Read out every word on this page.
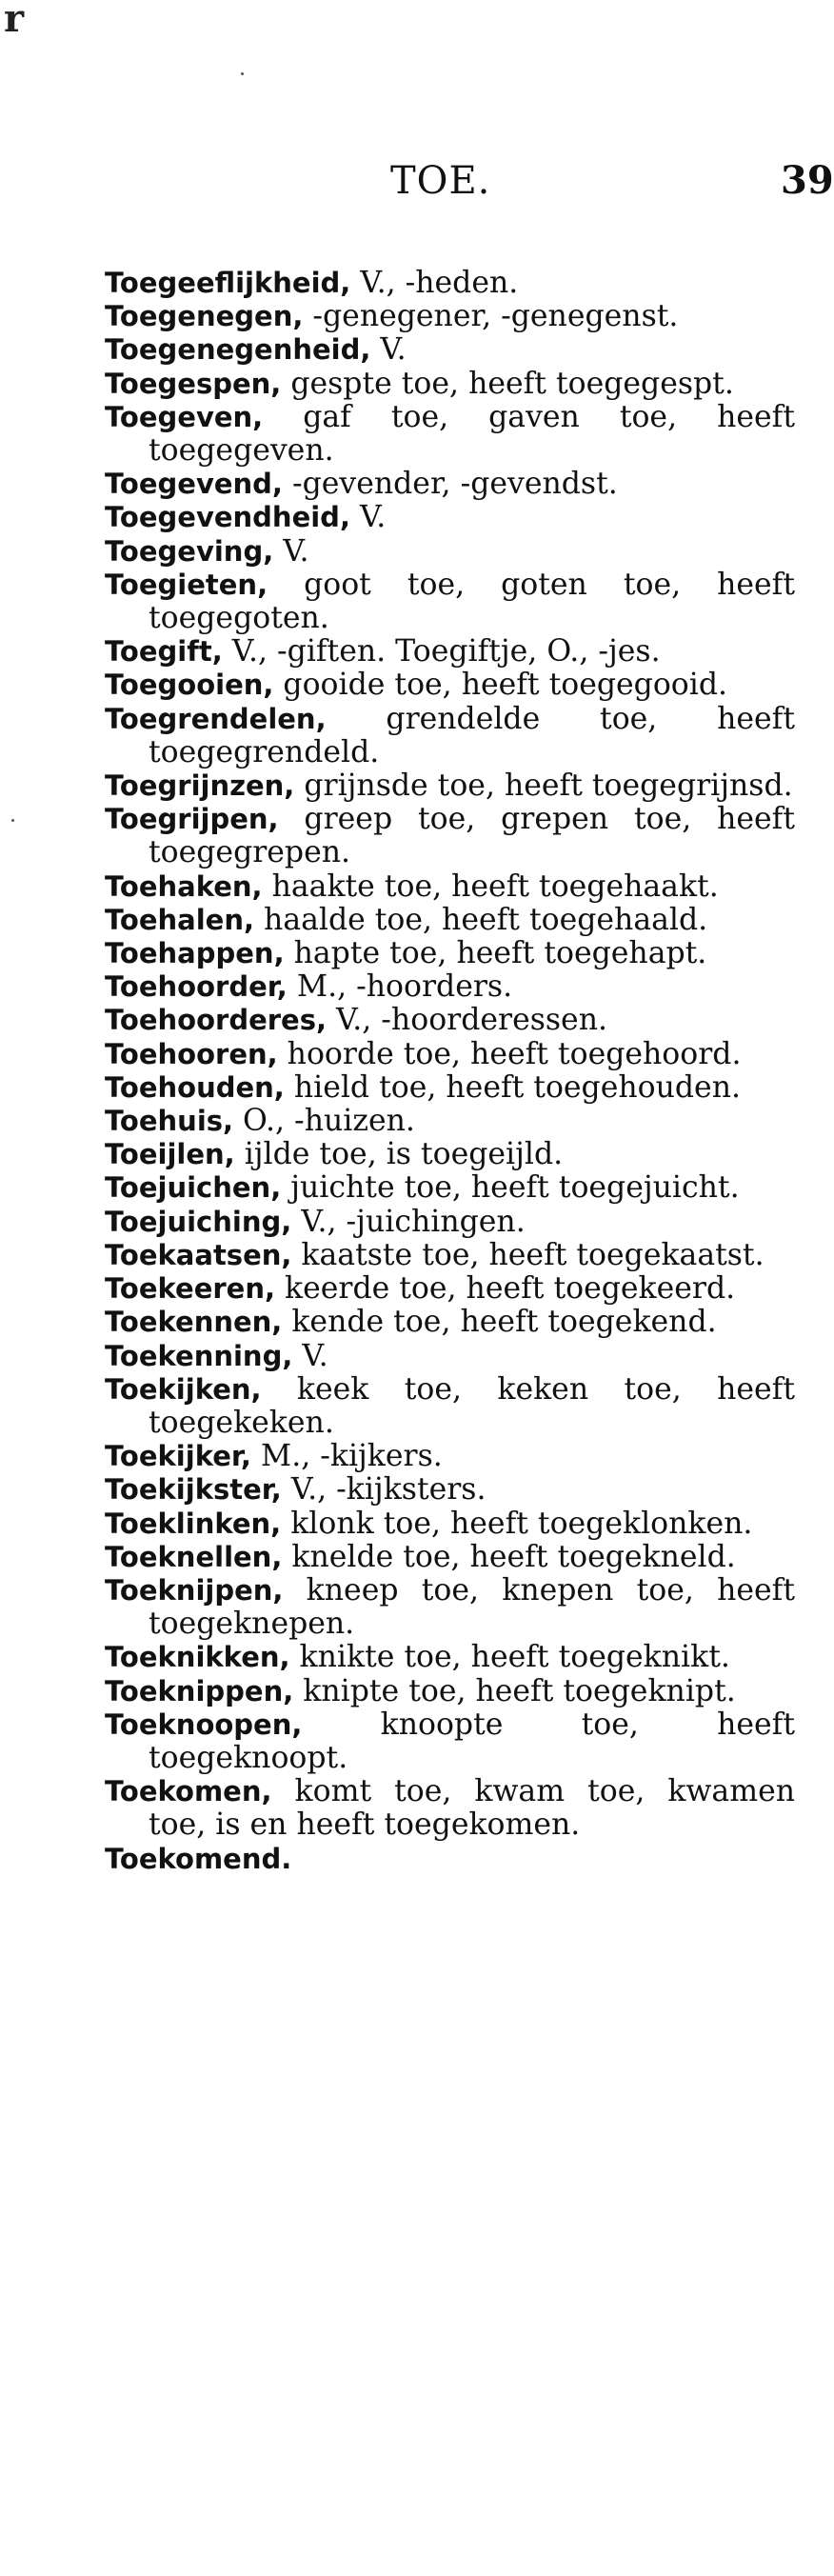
r
TOE.	39

Toegeeflijkheid, V., -heden.

Toegenegen, -genegener, -genegenst.

Toegenegenheid, V.

Toegespen, gespte toe, heeft toegegespt.

Toegeven, gaf toe, gaven toe, heeft toegegeven.

Toegevend, -gevender, -gevendst.

Toegevendheid, V.

Toegeving, V.

Toegieten, goot toe, goten toe, heeft toegegoten.

Toegift, V., -giften. Toegiftje, O., -jes.

Toegooien, gooide toe, heeft toegegooid.

Toegrendelen, grendelde toe, heeft toegegrendeld.

Toegrijnzen, grijnsde toe, heeft toegegrijnsd.

Toegrijpen, greep toe, grepen toe, heeft toegegrepen.

Toehaken, haakte toe, heeft toegehaakt.

Toehalen, haalde toe, heeft toegehaald.

Toehappen, hapte toe, heeft toegehapt.

Toehoorder, M., -hoorders.

Toehoorderes, V., -hoorderessen.

Toehooren, hoorde toe, heeft toegehoord.

Toehouden, hield toe, heeft toegehouden.

Toehuis, O., -huizen.

Toeijlen, ijlde toe, is toegeijld.

Toejuichen, juichte toe, heeft toegejuicht.

Toejuiching, V., -juichingen.

Toekaatsen, kaatste toe, heeft toegekaatst.

Toekeeren, keerde toe, heeft toegekeerd.

Toekennen, kende toe, heeft toegekend.

Toekenning, V.

Toekijken, keek toe, keken toe, heeft toegekeken.

Toekijker, M., -kijkers.

Toekijkster, V., -kijksters.

Toeklinken, klonk toe, heeft toegeklonken.

Toeknellen, knelde toe, heeft toegekneld.

Toeknijpen, kneep toe, knepen toe, heeft toegeknepen.

Toeknikken, knikte toe, heeft toegeknikt.

Toeknippen, knipte toe, heeft toegeknipt.

Toeknoopen, knoopte toe, heeft toegeknoopt.

Toekomen, komt toe, kwam toe, kwamen toe, is en heeft toegekomen.

Toekomend.
